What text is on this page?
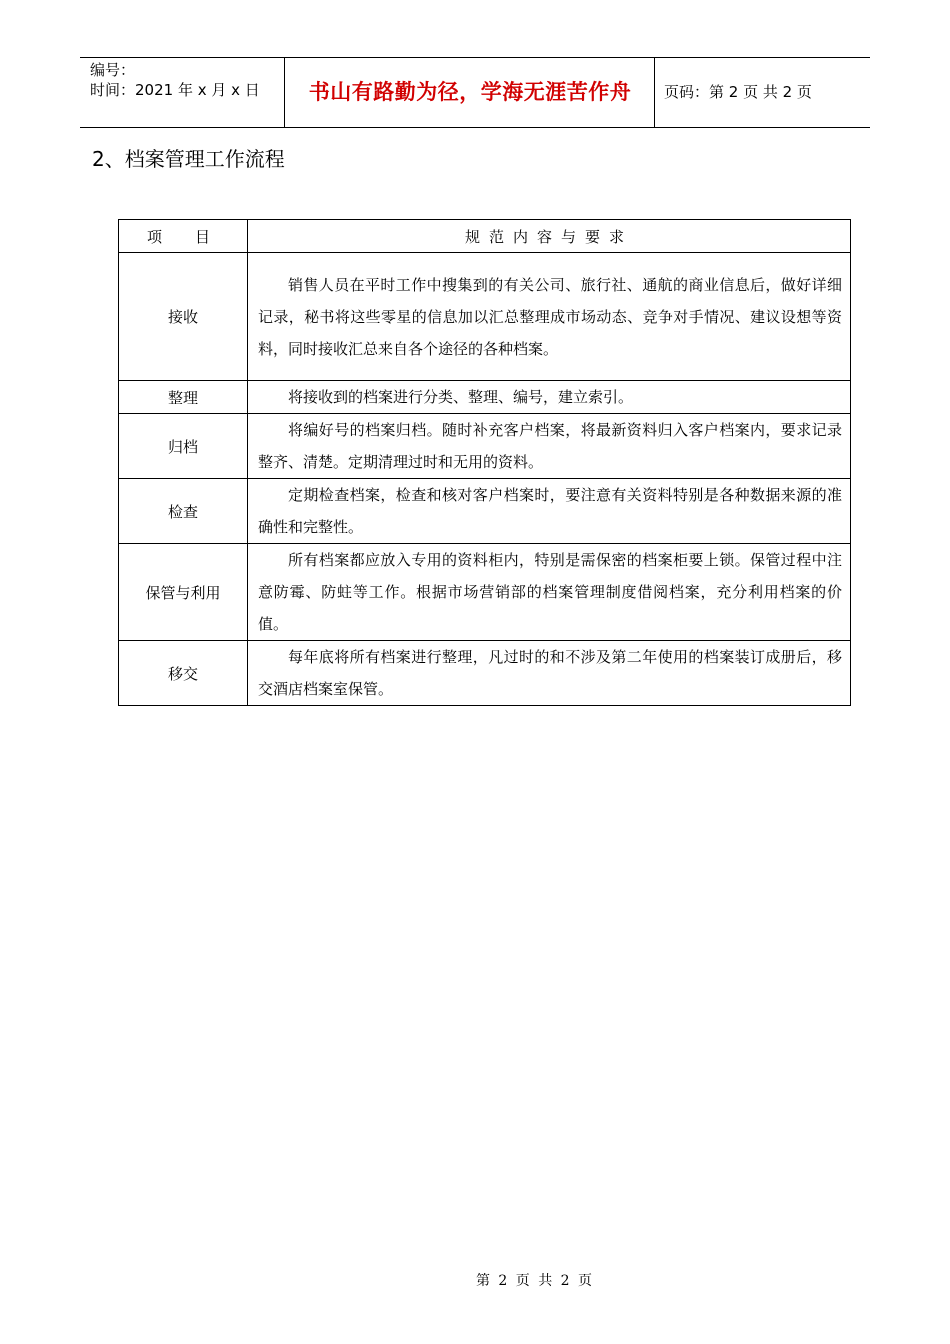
编号：
时间：2021 年 x 月 x 日	书山有路勤为径，学海无涯苦作舟	页码：第 2 页 共 2 页
2、档案管理工作流程
项　目	规范内容与要求
接收	销售人员在平时工作中搜集到的有关公司、旅行社、通航的商业信息后，做好详细记录，秘书将这些零星的信息加以汇总整理成市场动态、竞争对手情况、建议设想等资料，同时接收汇总来自各个途径的各种档案。
整理	将接收到的档案进行分类、整理、编号，建立索引。
归档	将编好号的档案归档。随时补充客户档案，将最新资料归入客户档案内，要求记录整齐、清楚。定期清理过时和无用的资料。
检查	定期检查档案，检查和核对客户档案时，要注意有关资料特别是各种数据来源的准确性和完整性。
保管与利用	所有档案都应放入专用的资料柜内，特别是需保密的档案柜要上锁。保管过程中注意防霉、防蛀等工作。根据市场营销部的档案管理制度借阅档案，充分利用档案的价值。
移交	每年底将所有档案进行整理，凡过时的和不涉及第二年使用的档案装订成册后，移交酒店档案室保管。
第 2 页 共 2 页
